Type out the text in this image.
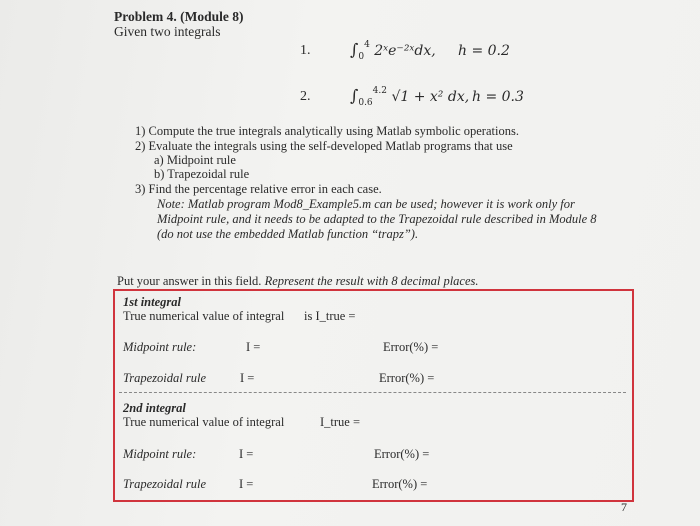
Problem 4. (Module 8)
Given two integrals
1. $\int_0^4$ 2ˣe⁻²ˣdx, h = 0.2
2. $\int_{0.6}^{4.2}$ √1 + x² dx, h = 0.3
1) Compute the true integrals analytically using Matlab symbolic operations.
2) Evaluate the integrals using the self-developed Matlab programs that use
a) Midpoint rule
b) Trapezoidal rule
3) Find the percentage relative error in each case.
Note: Matlab program Mod8_Example5.m can be used; however it is work only for
Midpoint rule, and it needs to be adapted to the Trapezoidal rule described in Module 8
(do not use the embedded Matlab function “trapz”).
Put your answer in this field. Represent the result with 8 decimal places.
1st integral
True numerical value of integral is I_true =
Midpoint rule:	I =	Error(%) =
Trapezoidal rule	I =	Error(%) =
2nd integral
True numerical value of integral	I_true =
Midpoint rule:	I =	Error(%) =
Trapezoidal rule	I =	Error(%) =
7
